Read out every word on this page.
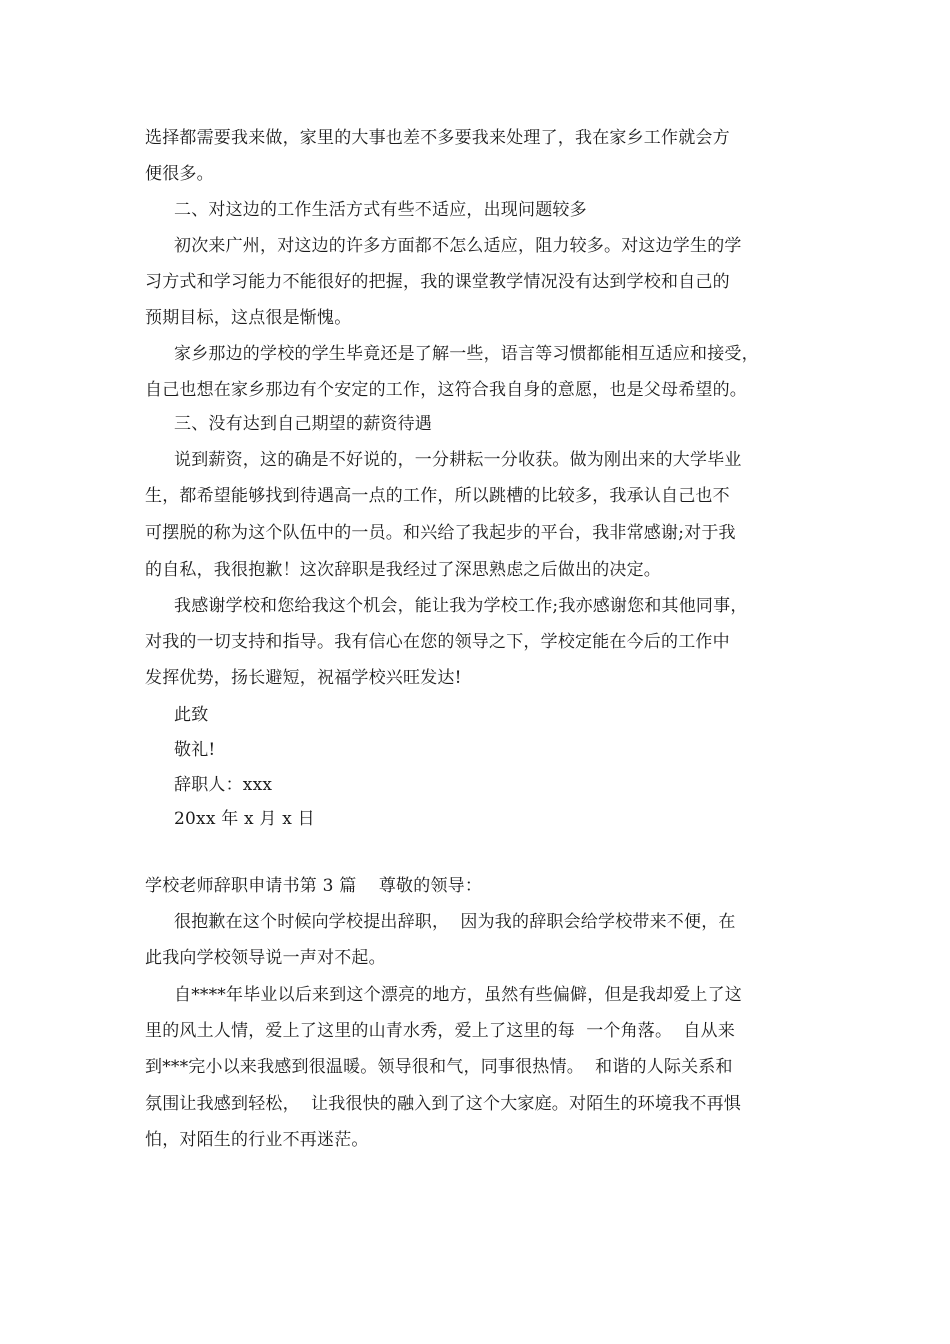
选择都需要我来做，家里的大事也差不多要我来处理了，我在家乡工作就会方
便很多。
二、对这边的工作生活方式有些不适应，出现问题较多
初次来广州，对这边的许多方面都不怎么适应，阻力较多。对这边学生的学
习方式和学习能力不能很好的把握，我的课堂教学情况没有达到学校和自己的
预期目标，这点很是惭愧。
家乡那边的学校的学生毕竟还是了解一些，语言等习惯都能相互适应和接受，
自己也想在家乡那边有个安定的工作，这符合我自身的意愿，也是父母希望的。
三、没有达到自己期望的薪资待遇
说到薪资，这的确是不好说的，一分耕耘一分收获。做为刚出来的大学毕业
生，都希望能够找到待遇高一点的工作，所以跳槽的比较多，我承认自己也不
可摆脱的称为这个队伍中的一员。和兴给了我起步的平台，我非常感谢;对于我
的自私，我很抱歉！这次辞职是我经过了深思熟虑之后做出的决定。
我感谢学校和您给我这个机会，能让我为学校工作;我亦感谢您和其他同事，
对我的一切支持和指导。我有信心在您的领导之下，学校定能在今后的工作中
发挥优势，扬长避短，祝福学校兴旺发达!
此致
敬礼!
辞职人：xxx
20xx 年 x 月 x 日
学校老师辞职申请书第 3 篇    尊敬的领导：
很抱歉在这个时候向学校提出辞职，  因为我的辞职会给学校带来不便，在
此我向学校领导说一声对不起。
自****年毕业以后来到这个漂亮的地方，虽然有些偏僻，但是我却爱上了这
里的风土人情，爱上了这里的山青水秀，爱上了这里的每  一个角落。  自从来
到***完小以来我感到很温暖。领导很和气，同事很热情。  和谐的人际关系和
氛围让我感到轻松，  让我很快的融入到了这个大家庭。对陌生的环境我不再惧
怕，对陌生的行业不再迷茫。
